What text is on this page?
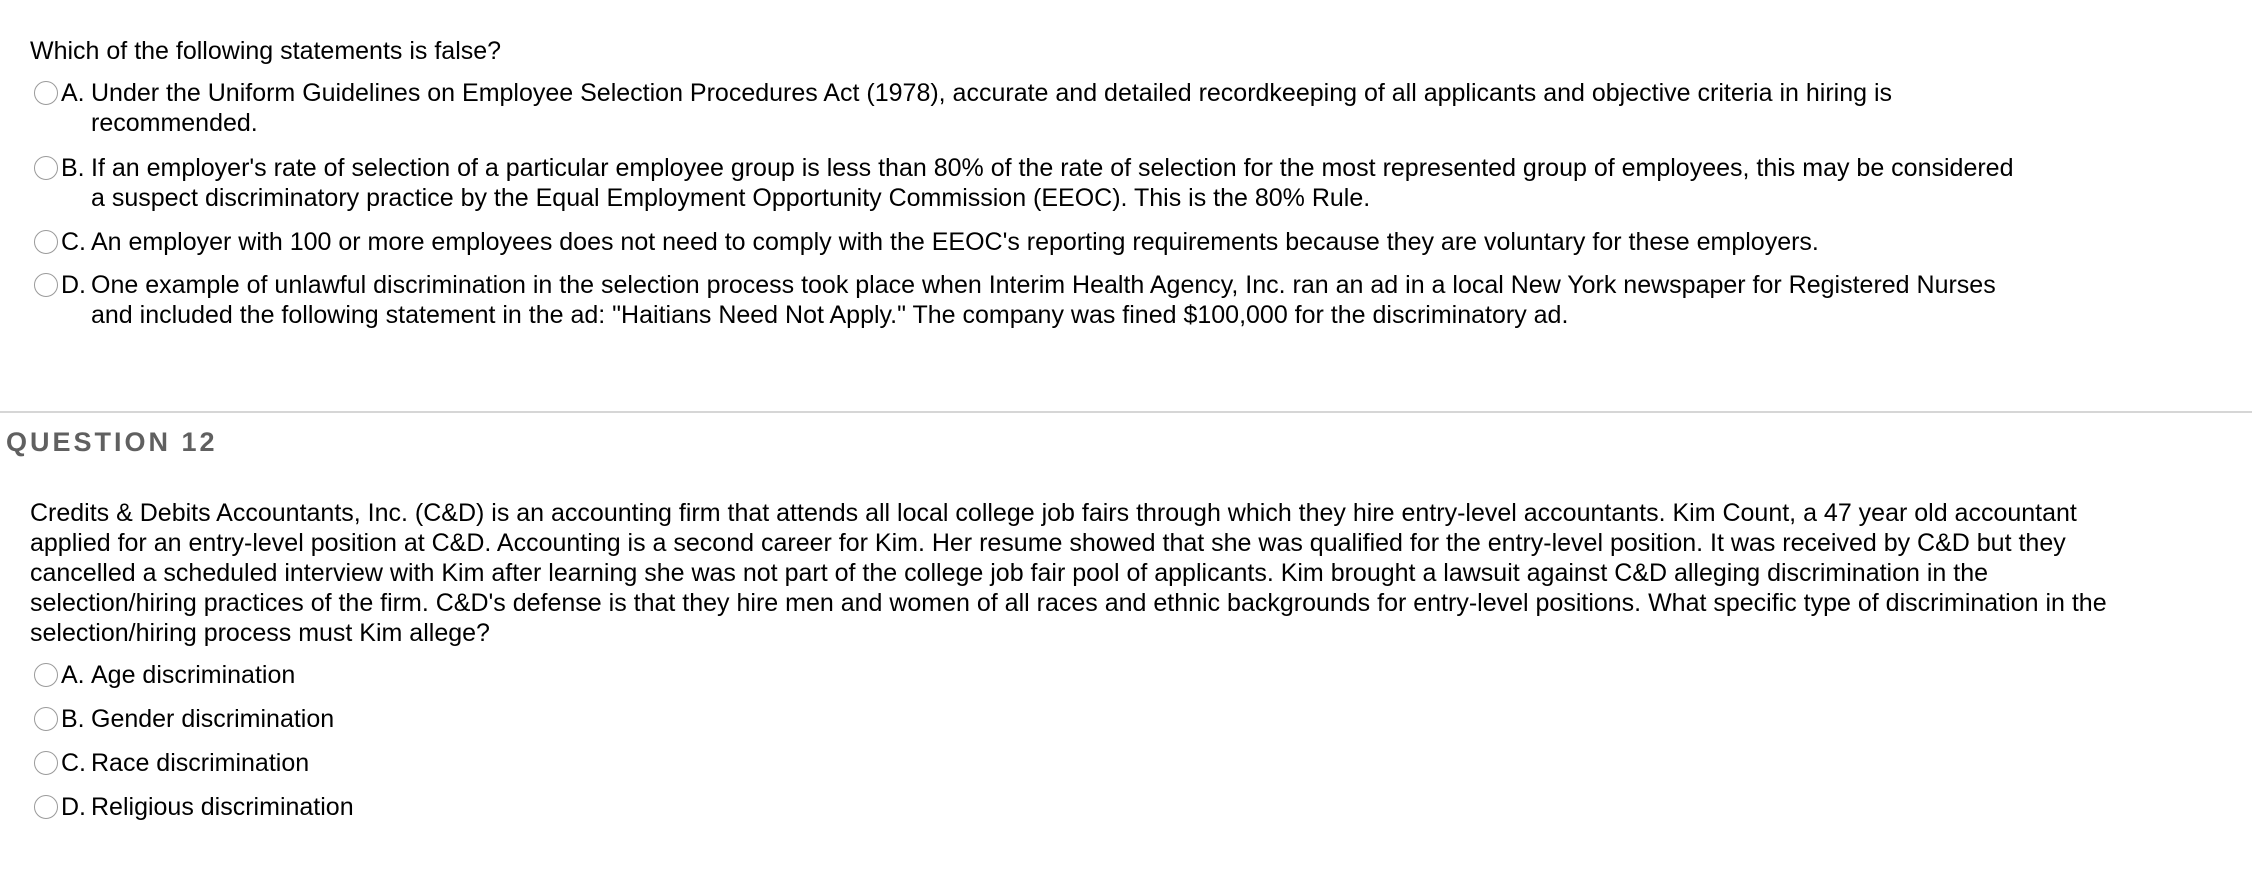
Which of the following statements is false?
A. Under the Uniform Guidelines on Employee Selection Procedures Act (1978), accurate and detailed recordkeeping of all applicants and objective criteria in hiring is recommended.
B. If an employer's rate of selection of a particular employee group is less than 80% of the rate of selection for the most represented group of employees, this may be considered a suspect discriminatory practice by the Equal Employment Opportunity Commission (EEOC). This is the 80% Rule.
C. An employer with 100 or more employees does not need to comply with the EEOC's reporting requirements because they are voluntary for these employers.
D. One example of unlawful discrimination in the selection process took place when Interim Health Agency, Inc. ran an ad in a local New York newspaper for Registered Nurses and included the following statement in the ad: "Haitians Need Not Apply." The company was fined $100,000 for the discriminatory ad.
QUESTION 12
Credits & Debits Accountants, Inc. (C&D) is an accounting firm that attends all local college job fairs through which they hire entry-level accountants. Kim Count, a 47 year old accountant applied for an entry-level position at C&D. Accounting is a second career for Kim. Her resume showed that she was qualified for the entry-level position. It was received by C&D but they cancelled a scheduled interview with Kim after learning she was not part of the college job fair pool of applicants. Kim brought a lawsuit against C&D alleging discrimination in the selection/hiring practices of the firm. C&D's defense is that they hire men and women of all races and ethnic backgrounds for entry-level positions. What specific type of discrimination in the selection/hiring process must Kim allege?
A. Age discrimination
B. Gender discrimination
C. Race discrimination
D. Religious discrimination
